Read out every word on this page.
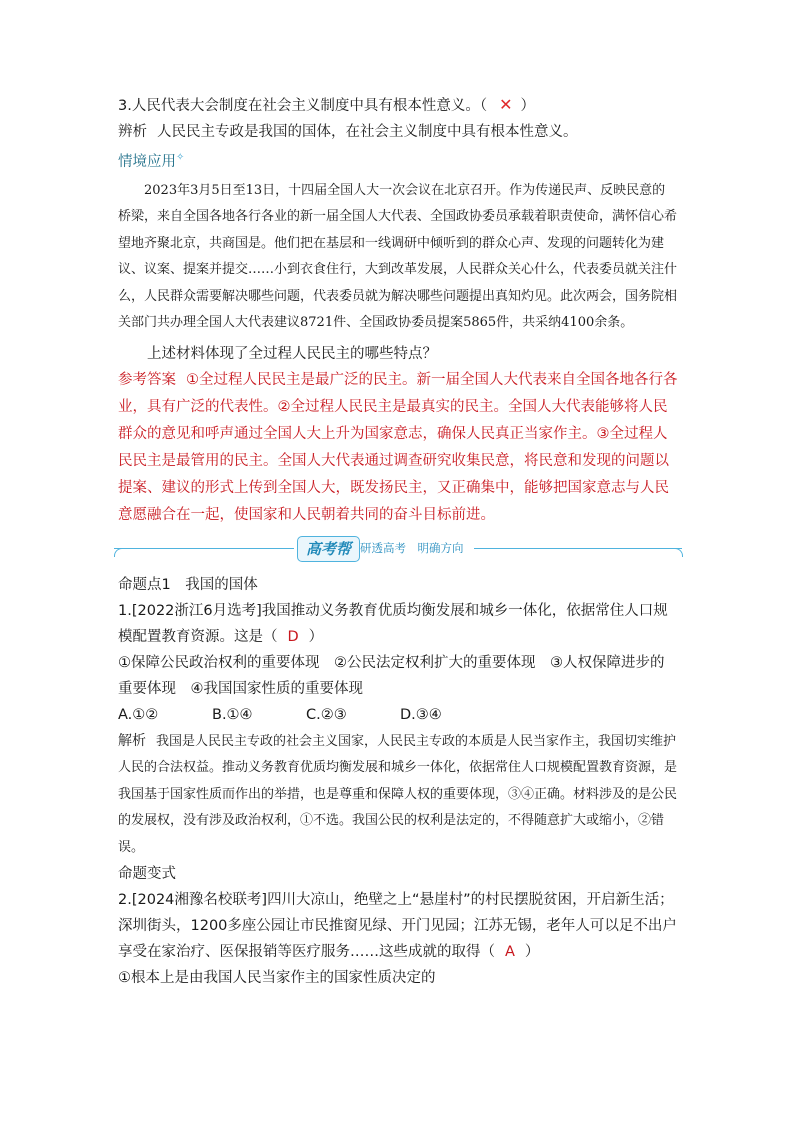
3.人民代表大会制度在社会主义制度中具有根本性意义。（ ✕ ）
辨析 人民民主专政是我国的国体，在社会主义制度中具有根本性意义。
情境应用✧
2023年3月5日至13日，十四届全国人大一次会议在北京召开。作为传递民声、反映民意的桥梁，来自全国各地各行各业的新一届全国人大代表、全国政协委员承载着职责使命，满怀信心希望地齐聚北京，共商国是。他们把在基层和一线调研中倾听到的群众心声、发现的问题转化为建议、议案、提案并提交……小到衣食住行，大到改革发展，人民群众关心什么，代表委员就关注什么，人民群众需要解决哪些问题，代表委员就为解决哪些问题提出真知灼见。此次两会，国务院相关部门共办理全国人大代表建议8721件、全国政协委员提案5865件，共采纳4100余条。
上述材料体现了全过程人民民主的哪些特点？
参考答案 ①全过程人民民主是最广泛的民主。新一届全国人大代表来自全国各地各行各业，具有广泛的代表性。②全过程人民民主是最真实的民主。全国人大代表能够将人民群众的意见和呼声通过全国人大上升为国家意志，确保人民真正当家作主。③全过程人民民主是最管用的民主。全国人大代表通过调查研究收集民意，将民意和发现的问题以提案、建议的形式上传到全国人大，既发扬民主，又正确集中，能够把国家意志与人民意愿融合在一起，使国家和人民朝着共同的奋斗目标前进。
高考帮 研透高考　明确方向
命题点1　我国的国体
1.[2022浙江6月选考]我国推动义务教育优质均衡发展和城乡一体化，依据常住人口规模配置教育资源。这是（ D ）
①保障公民政治权利的重要体现　②公民法定权利扩大的重要体现　③人权保障进步的重要体现　④我国国家性质的重要体现
A.①②	B.①④	C.②③	D.③④
解析 我国是人民民主专政的社会主义国家，人民民主专政的本质是人民当家作主，我国切实维护人民的合法权益。推动义务教育优质均衡发展和城乡一体化，依据常住人口规模配置教育资源，是我国基于国家性质而作出的举措，也是尊重和保障人权的重要体现，③④正确。材料涉及的是公民的发展权，没有涉及政治权利，①不选。我国公民的权利是法定的，不得随意扩大或缩小，②错误。
命题变式
2.[2024湘豫名校联考]四川大凉山，绝壁之上“悬崖村”的村民摆脱贫困，开启新生活；深圳街头，1200多座公园让市民推窗见绿、开门见园；江苏无锡，老年人可以足不出户享受在家治疗、医保报销等医疗服务……这些成就的取得（ A ）
①根本上是由我国人民当家作主的国家性质决定的
